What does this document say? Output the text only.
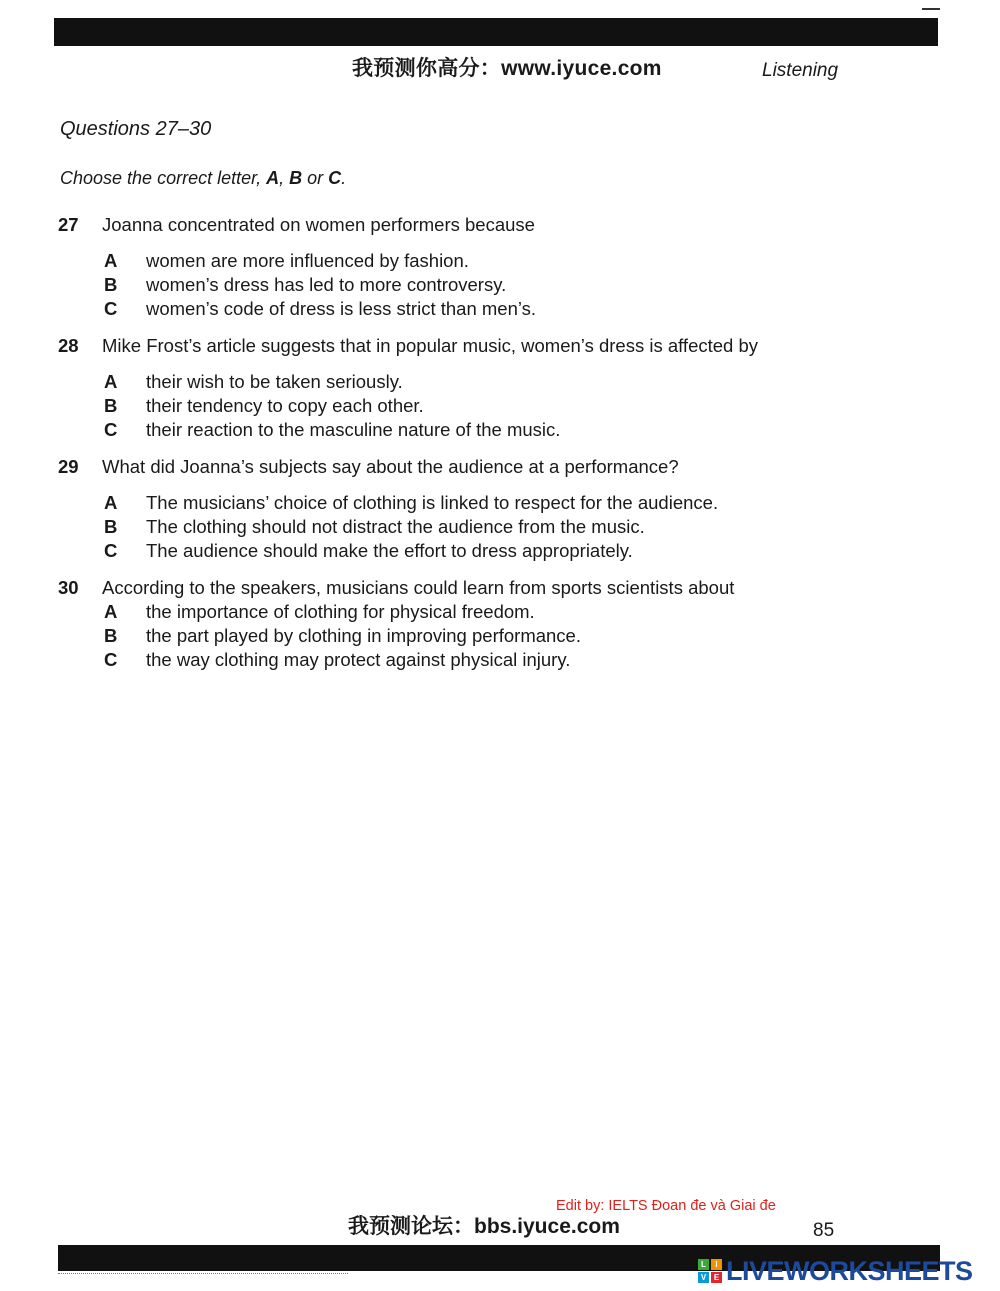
我预测你高分：www.iyuce.com	Listening
Questions 27–30
Choose the correct letter, A, B or C.
27 Joanna concentrated on women performers because
A women are more influenced by fashion.
B women’s dress has led to more controversy.
C women’s code of dress is less strict than men’s.
28 Mike Frost’s article suggests that in popular music, women’s dress is affected by
A their wish to be taken seriously.
B their tendency to copy each other.
C their reaction to the masculine nature of the music.
29 What did Joanna’s subjects say about the audience at a performance?
A The musicians’ choice of clothing is linked to respect for the audience.
B The clothing should not distract the audience from the music.
C The audience should make the effort to dress appropriately.
30 According to the speakers, musicians could learn from sports scientists about
A the importance of clothing for physical freedom.
B the part played by clothing in improving performance.
C the way clothing may protect against physical injury.
Edit by: IELTS Đoan đe và Giai đe
我预测论坛：bbs.iyuce.com	85
L	I
V E LIVEWORKSHEETS
